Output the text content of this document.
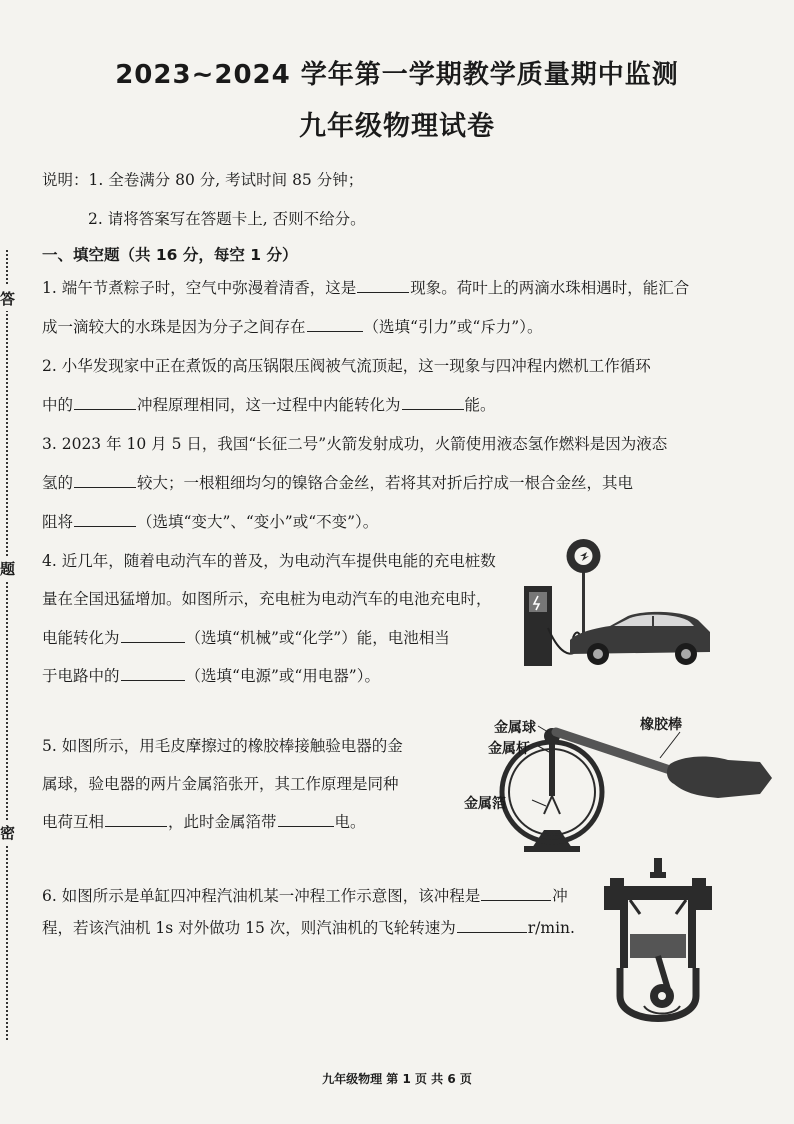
答
题
密
2023~2024 学年第一学期教学质量期中监测
九年级物理试卷
说明：1. 全卷满分 80 分, 考试时间 85 分钟；
2. 请将答案写在答题卡上, 否则不给分。
一、填空题（共 16 分，每空 1 分）
1. 端午节煮粽子时，空气中弥漫着清香，这是	现象。荷叶上的两滴水珠相遇时，能汇合
成一滴较大的水珠是因为分子之间存在	（选填“引力”或“斥力”）。
2. 小华发现家中正在煮饭的高压锅限压阀被气流顶起，这一现象与四冲程内燃机工作循环
中的	冲程原理相同，这一过程中内能转化为	能。
3. 2023 年 10 月 5 日，我国“长征二号”火箭发射成功，火箭使用液态氢作燃料是因为液态
氢的	较大；一根粗细均匀的镍铬合金丝，若将其对折后拧成一根合金丝，其电
阻将	（选填“变大”、“变小”或“不变”）。
4. 近几年，随着电动汽车的普及，为电动汽车提供电能的充电桩数
量在全国迅猛增加。如图所示，充电桩为电动汽车的电池充电时，
电能转化为	（选填“机械”或“化学”）能，电池相当
于电路中的	（选填“电源”或“用电器”）。
5. 如图所示，用毛皮摩擦过的橡胶棒接触验电器的金
属球，验电器的两片金属箔张开，其工作原理是同种
电荷互相	，此时金属箔带	电。
金属球
金属杆
金属箔
橡胶棒
6. 如图所示是单缸四冲程汽油机某一冲程工作示意图，该冲程是	冲
程，若该汽油机 1s 对外做功 15 次，则汽油机的飞轮转速为	r/min.
九年级物理 第 1 页 共 6 页
